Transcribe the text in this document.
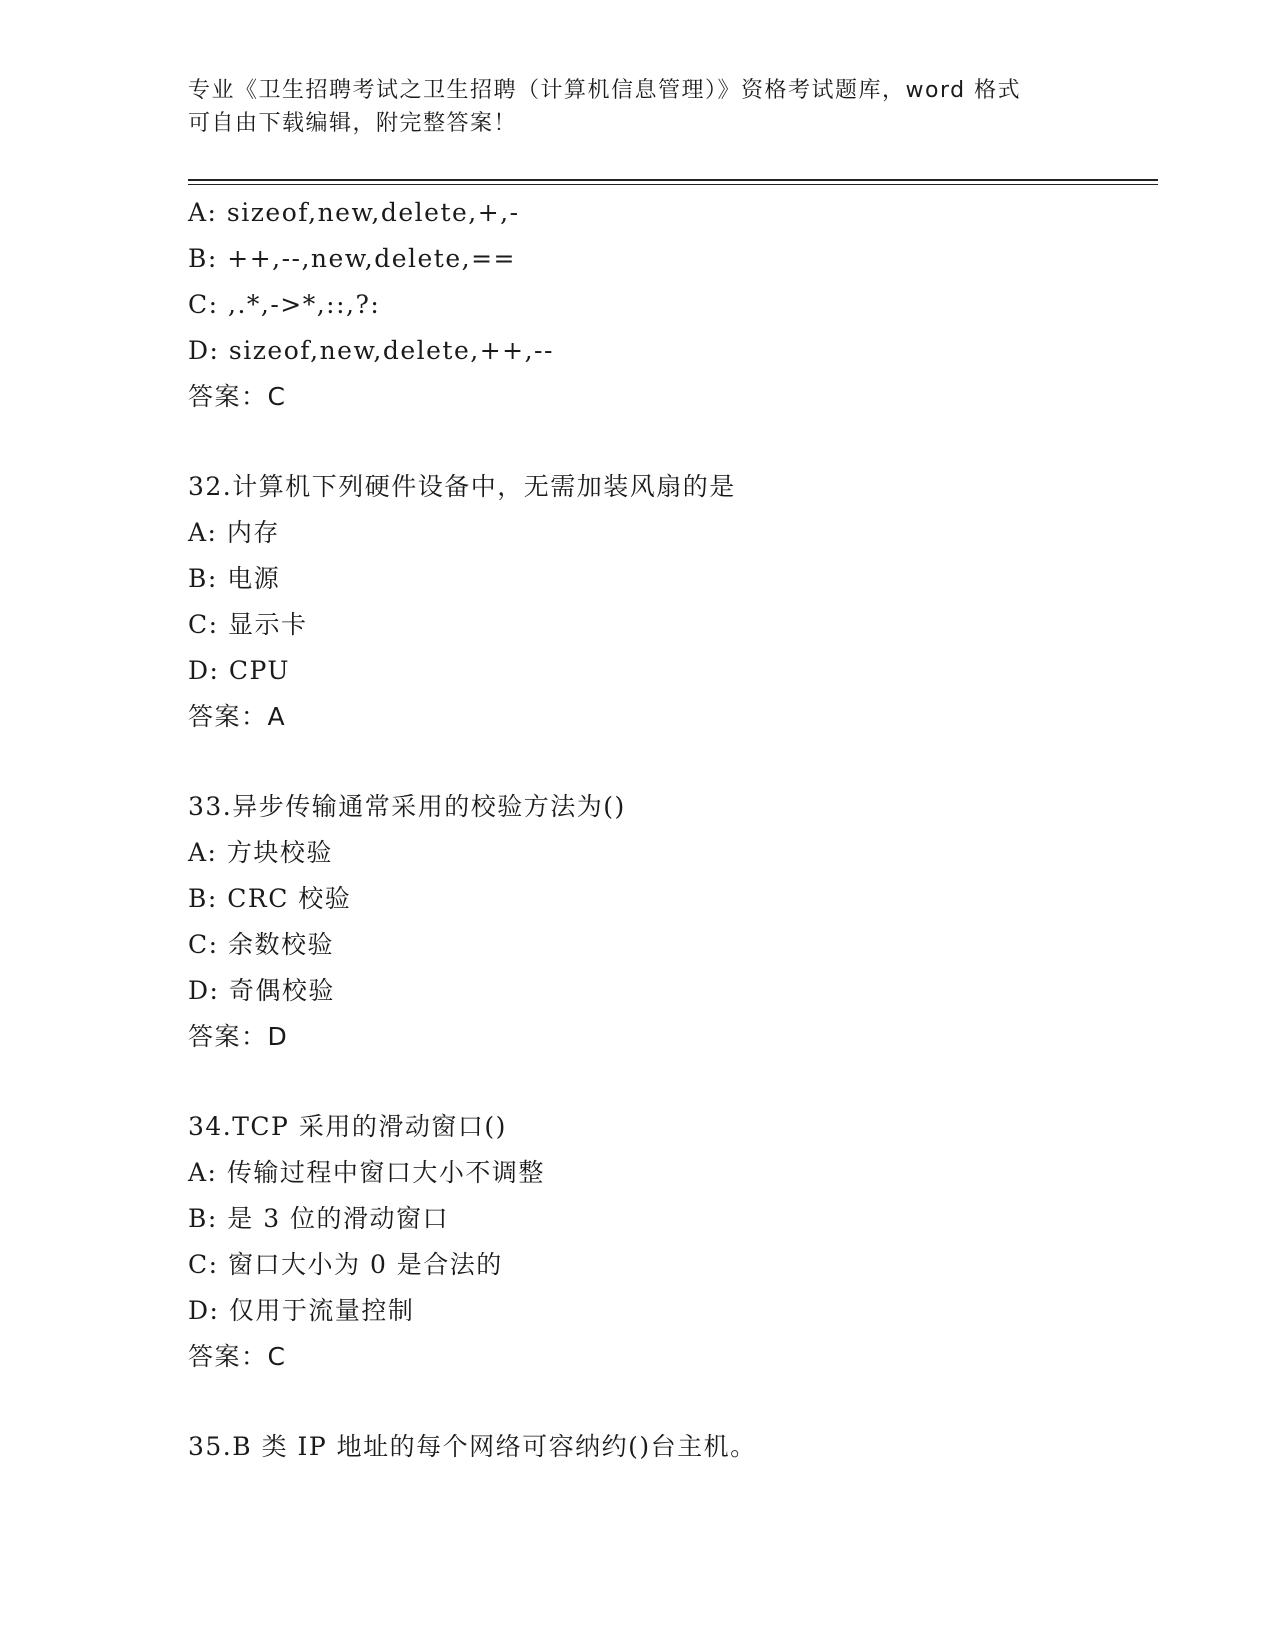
专业《卫生招聘考试之卫生招聘（计算机信息管理）》资格考试题库，word 格式
可自由下载编辑，附完整答案！
A: sizeof,new,delete,+,-
B: ++,--,new,delete,==
C: ,.*,->*,::,?:
D: sizeof,new,delete,++,--
答案：C
32.计算机下列硬件设备中，无需加装风扇的是
A: 内存
B: 电源
C: 显示卡
D: CPU
答案：A
33.异步传输通常采用的校验方法为()
A: 方块校验
B: CRC 校验
C: 余数校验
D: 奇偶校验
答案：D
34.TCP 采用的滑动窗口()
A: 传输过程中窗口大小不调整
B: 是 3 位的滑动窗口
C: 窗口大小为 0 是合法的
D: 仅用于流量控制
答案：C
35.B 类 IP 地址的每个网络可容纳约()台主机。
